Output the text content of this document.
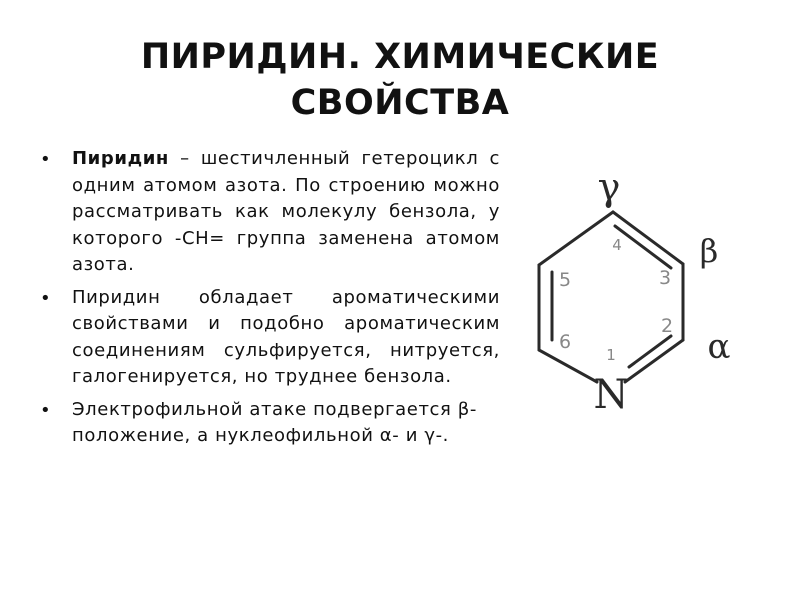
ПИРИДИН. ХИМИЧЕСКИЕ СВОЙСТВА
• Пиридин – шестичленный гетероцикл с одним атомом азота. По строению можно рассматривать как молекулу бензола, у которого -CH= группа заменена атомом азота.
• Пиридин обладает ароматическими свойствами и подобно ароматическим соединениям сульфируется, нитруется, галогенируется, но труднее бензола.
• Электрофильной атаке подвергается β-положение, а нуклеофильной α- и γ-.
γ
β
α
N
1
2
3
4
5
6
